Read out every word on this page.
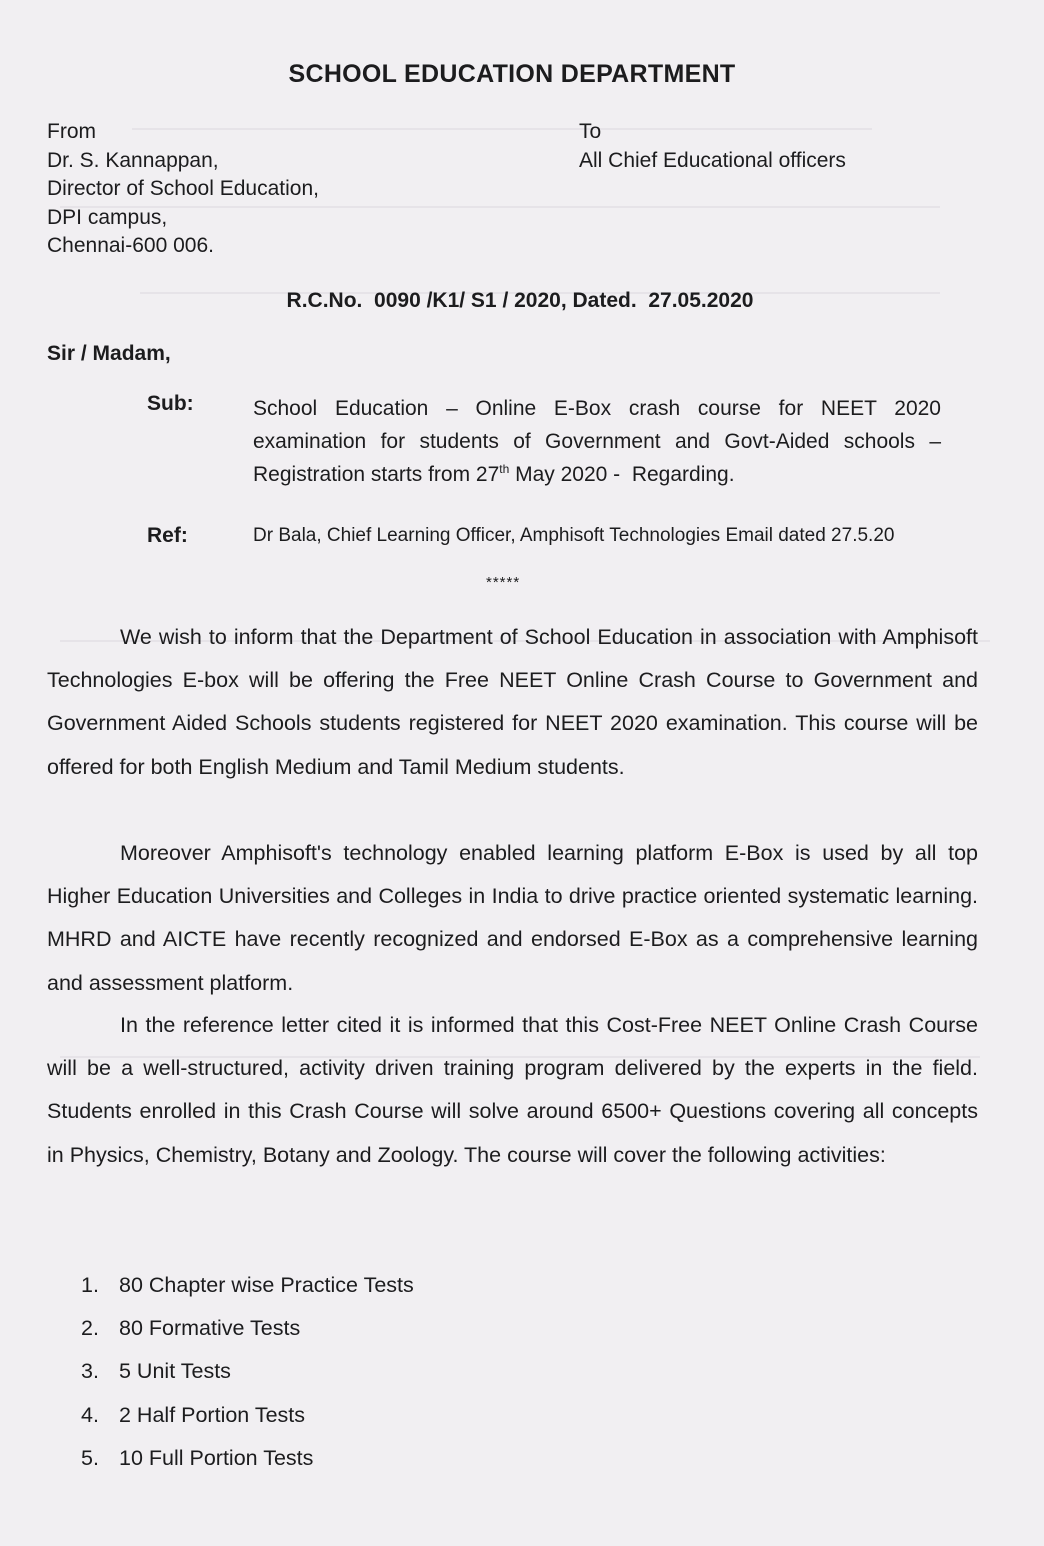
SCHOOL EDUCATION DEPARTMENT
From
Dr. S. Kannappan,
Director of School Education,
DPI campus,
Chennai-600 006.
To
All Chief Educational officers
R.C.No.  0090 /K1/ S1 / 2020, Dated.  27.05.2020
Sir / Madam,
Sub:	School Education – Online E-Box crash course for NEET 2020 examination for students of Government and Govt-Aided schools – Registration starts from 27th May 2020 -  Regarding.
Ref:	Dr Bala, Chief Learning Officer, Amphisoft Technologies Email dated 27.5.20
*****

We wish to inform that the Department of School Education in association with Amphisoft Technologies E-box will be offering the Free NEET Online Crash Course to Government and Government Aided Schools students registered for NEET 2020 examination. This course will be offered for both English Medium and Tamil Medium students.

Moreover Amphisoft's technology enabled learning platform E-Box is used by all top Higher Education Universities and Colleges in India to drive practice oriented systematic learning. MHRD and AICTE have recently recognized and endorsed E-Box as a comprehensive learning and assessment platform.

In the reference letter cited it is informed that this Cost-Free NEET Online Crash Course will be a well-structured, activity driven training program delivered by the experts in the field. Students enrolled in this Crash Course will solve around 6500+ Questions covering all concepts in Physics, Chemistry, Botany and Zoology. The course will cover the following activities:

1. 80 Chapter wise Practice Tests
2. 80 Formative Tests
3. 5 Unit Tests
4. 2 Half Portion Tests
5. 10 Full Portion Tests
